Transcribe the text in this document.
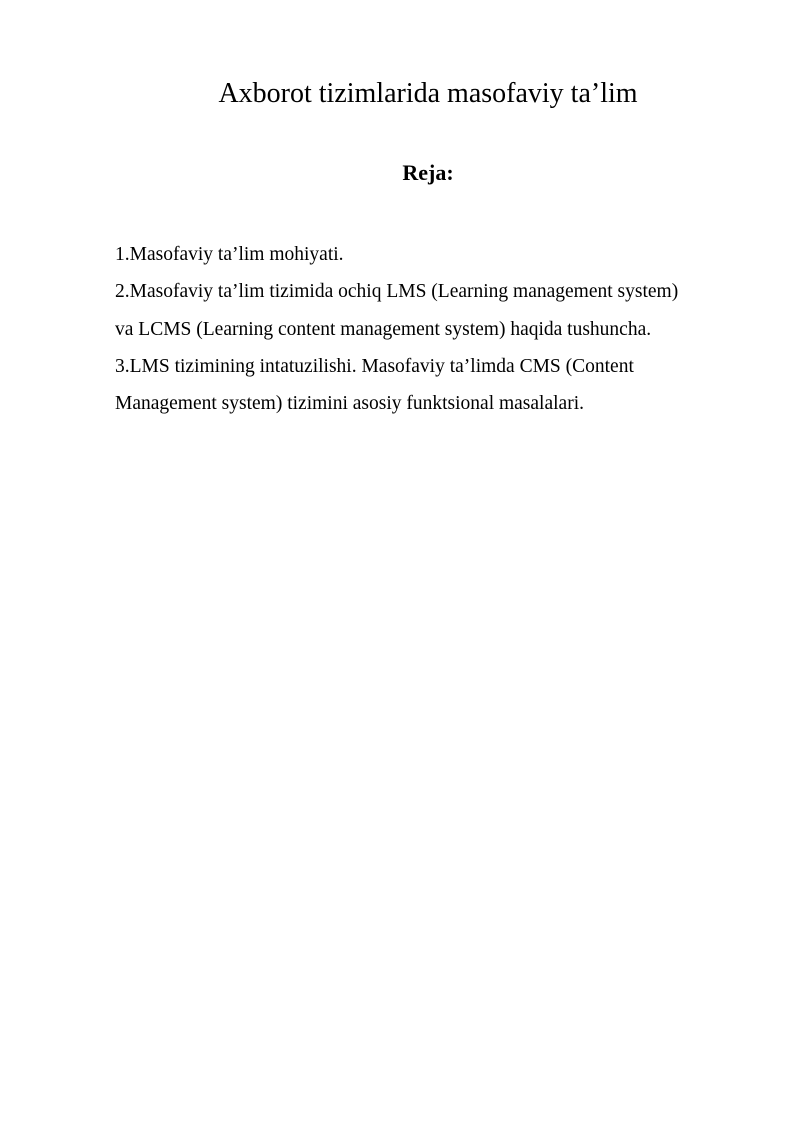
Axborot tizimlarida masofaviy ta’lim
Reja:
1.Masofaviy ta’lim mohiyati.
2.Masofaviy ta’lim tizimida ochiq LMS (Learning management system)
va LCMS (Learning content management system) haqida tushuncha.
3.LMS tizimining intatuzilishi. Masofaviy ta’limda CMS (Content
Management system) tizimini asosiy funktsional masalalari.
